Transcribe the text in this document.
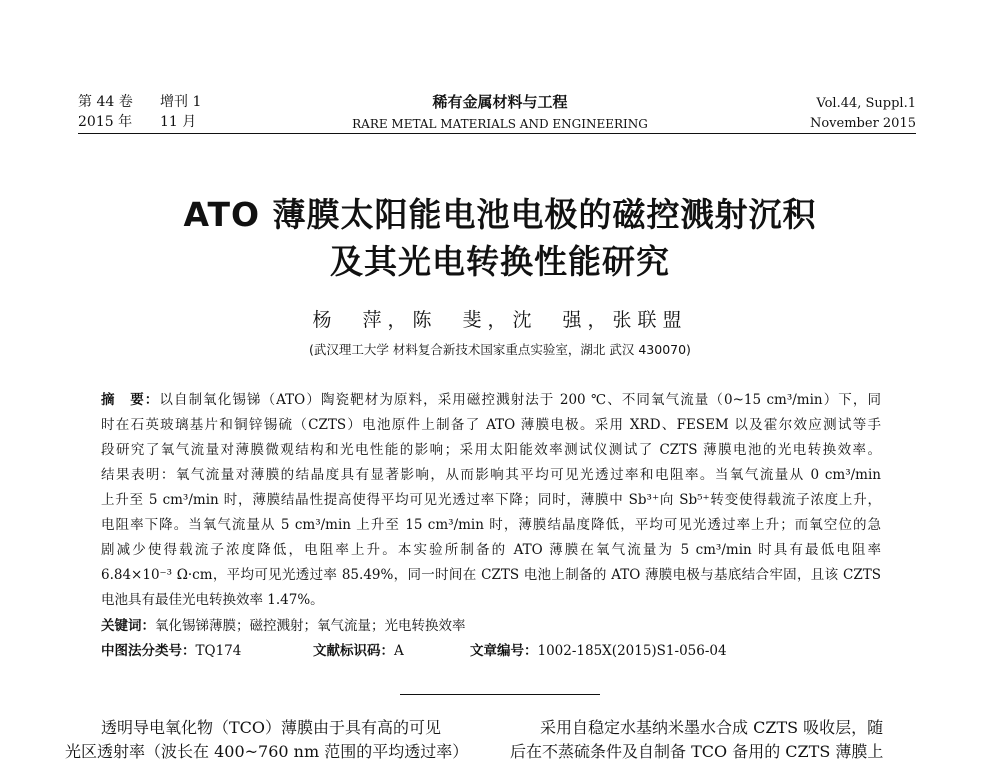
第 44 卷
2015 年
增刊 1
11 月
稀有金属材料与工程
RARE METAL MATERIALS AND ENGINEERING
Vol.44, Suppl.1
November 2015
ATO 薄膜太阳能电池电极的磁控溅射沉积
及其光电转换性能研究
杨　萍，陈　斐，沈　强，张联盟
(武汉理工大学 材料复合新技术国家重点实验室，湖北 武汉 430070)
摘　要：以自制氧化锡锑（ATO）陶瓷靶材为原料，采用磁控溅射法于 200 ℃、不同氧气流量（0~15 cm³/min）下，同
时在石英玻璃基片和铜锌锡硫（CZTS）电池原件上制备了 ATO 薄膜电极。采用 XRD、FESEM 以及霍尔效应测试等手
段研究了氧气流量对薄膜微观结构和光电性能的影响；采用太阳能效率测试仪测试了 CZTS 薄膜电池的光电转换效率。
结果表明：氧气流量对薄膜的结晶度具有显著影响，从而影响其平均可见光透过率和电阻率。当氧气流量从 0 cm³/min
上升至 5 cm³/min 时，薄膜结晶性提高使得平均可见光透过率下降；同时，薄膜中 Sb³⁺向 Sb⁵⁺转变使得载流子浓度上升，
电阻率下降。当氧气流量从 5 cm³/min 上升至 15 cm³/min 时，薄膜结晶度降低，平均可见光透过率上升；而氧空位的急
剧减少使得载流子浓度降低，电阻率上升。本实验所制备的 ATO 薄膜在氧气流量为 5 cm³/min 时具有最低电阻率
6.84×10⁻³ Ω·cm，平均可见光透过率 85.49%，同一时间在 CZTS 电池上制备的 ATO 薄膜电极与基底结合牢固，且该 CZTS
电池具有最佳光电转换效率 1.47%。
关键词：氧化锡锑薄膜；磁控溅射；氧气流量；光电转换效率
中图法分类号：TQ174	文献标识码：A	文章编号：1002-185X(2015)S1-056-04
透明导电氧化物（TCO）薄膜由于具有高的可见
光区透射率（波长在 400~760 nm 范围的平均透过率）
采用自稳定水基纳米墨水合成 CZTS 吸收层，随
后在不蒸硫条件及自制备 TCO 备用的 CZTS 薄膜上
